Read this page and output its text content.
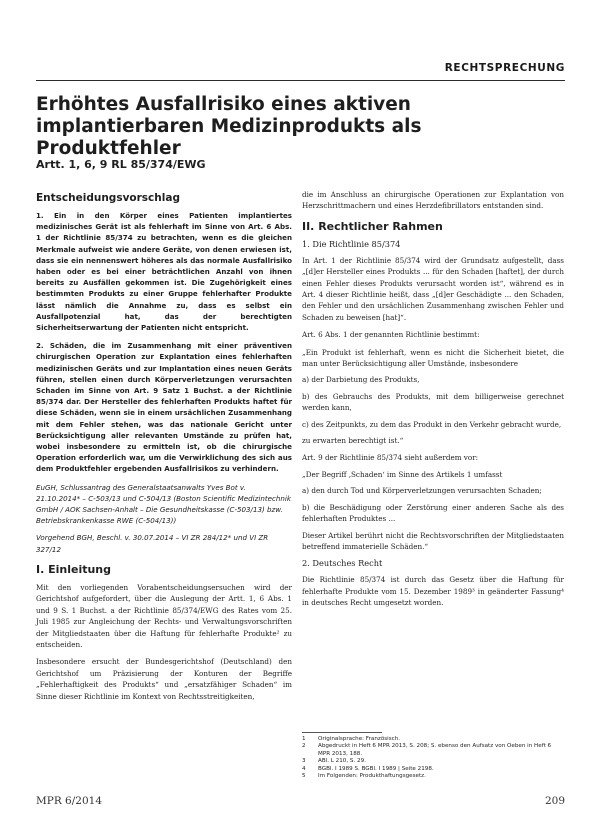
RECHTSPRECHUNG

Erhöhtes Ausfallrisiko eines aktiven implantierbaren Medizinprodukts als Produktfehler

Artt. 1, 6, 9 RL 85/374/EWG

Entscheidungsvorschlag

1. Ein in den Körper eines Patienten implantiertes medizinisches Gerät ist als fehlerhaft im Sinne von Art. 6 Abs. 1 der Richtlinie 85/374 zu betrachten, wenn es die gleichen Merkmale aufweist wie andere Geräte, von denen erwiesen ist, dass sie ein nennenswert höheres als das normale Ausfallrisiko haben oder es bei einer beträchtlichen Anzahl von ihnen bereits zu Ausfällen gekommen ist. Die Zugehörigkeit eines bestimmten Produkts zu einer Gruppe fehlerhafter Produkte lässt nämlich die Annahme zu, dass es selbst ein Ausfallpotenzial hat, das der berechtigten Sicherheitserwartung der Patienten nicht entspricht.

2. Schäden, die im Zusammenhang mit einer präventiven chirurgischen Operation zur Explantation eines fehlerhaften medizinischen Geräts und zur Implantation eines neuen Geräts führen, stellen einen durch Körperverletzungen verursachten Schaden im Sinne von Art. 9 Satz 1 Buchst. a der Richtlinie 85/374 dar. Der Hersteller des fehlerhaften Produkts haftet für diese Schäden, wenn sie in einem ursächlichen Zusammenhang mit dem Fehler stehen, was das nationale Gericht unter Berücksichtigung aller relevanten Umstände zu prüfen hat, wobei insbesondere zu ermitteln ist, ob die chirurgische Operation erforderlich war, um die Verwirklichung des sich aus dem Produktfehler ergebenden Ausfallrisikos zu verhindern.

EuGH, Schlussantrag des Generalstaatsanwalts Yves Bot v. 21.10.2014* – C-503/13 und C-504/13 (Boston Scientific Medizintechnik GmbH / AOK Sachsen-Anhalt – Die Gesundheitskasse (C-503/13) bzw. Betriebskrankenkasse RWE (C-504/13))

Vorgehend BGH, Beschl. v. 30.07.2014 – VI ZR 284/12* und VI ZR 327/12

I. Einleitung

Mit den vorliegenden Vorabentscheidungsersuchen wird der Gerichtshof aufgefordert, über die Auslegung der Artt. 1, 6 Abs. 1 und 9 S. 1 Buchst. a der Richtlinie 85/374/EWG des Rates vom 25. Juli 1985 zur Angleichung der Rechts- und Verwaltungsvorschriften der Mitgliedstaaten über die Haftung für fehlerhafte Produkte² zu entscheiden.

Insbesondere ersucht der Bundesgerichtshof (Deutschland) den Gerichtshof um Präzisierung der Konturen der Begriffe „Fehlerhaftigkeit des Produkts“ und „ersatzfähiger Schaden“ im Sinne dieser Richtlinie im Kontext von Rechtsstreitigkeiten,

die im Anschluss an chirurgische Operationen zur Explantation von Herzschrittmachern und eines Herzdefibrillators entstanden sind.

II. Rechtlicher Rahmen

1. Die Richtlinie 85/374

In Art. 1 der Richtlinie 85/374 wird der Grundsatz aufgestellt, dass „[d]er Hersteller eines Produkts ... für den Schaden [haftet], der durch einen Fehler dieses Produkts verursacht worden ist“, während es in Art. 4 dieser Richtlinie heißt, dass „[d]er Geschädigte ... den Schaden, den Fehler und den ursächlichen Zusammenhang zwischen Fehler und Schaden zu beweisen [hat]“.

Art. 6 Abs. 1 der genannten Richtlinie bestimmt:

„Ein Produkt ist fehlerhaft, wenn es nicht die Sicherheit bietet, die man unter Berücksichtigung aller Umstände, insbesondere

a) der Darbietung des Produkts,

b) des Gebrauchs des Produkts, mit dem billigerweise gerechnet werden kann,

c) des Zeitpunkts, zu dem das Produkt in den Verkehr gebracht wurde,

zu erwarten berechtigt ist.“

Art. 9 der Richtlinie 85/374 sieht außerdem vor:

„Der Begriff ‚Schaden‘ im Sinne des Artikels 1 umfasst

a) den durch Tod und Körperverletzungen verursachten Schaden;

b) die Beschädigung oder Zerstörung einer anderen Sache als des fehlerhaften Produktes ...

Dieser Artikel berührt nicht die Rechtsvorschriften der Mitgliedstaaten betreffend immaterielle Schäden.“

2. Deutsches Recht

Die Richtlinie 85/374 ist durch das Gesetz über die Haftung für fehlerhafte Produkte vom 15. Dezember 1989³ in geänderter Fassung⁴ in deutsches Recht umgesetzt worden.

1	Originalsprache: Französisch.
2	Abgedruckt in Heft 6 MPR 2013, S. 208; S. ebenso den Aufsatz von Oeben in Heft 6 MPR 2013, 188.
3	ABl. L 210, S. 29.
4	BGBl. I 1989 S. BGBl. I 1989 | Seite 2198.
5	Im Folgenden: Produkthaftungsgesetz.
MPR 6/2014	209
